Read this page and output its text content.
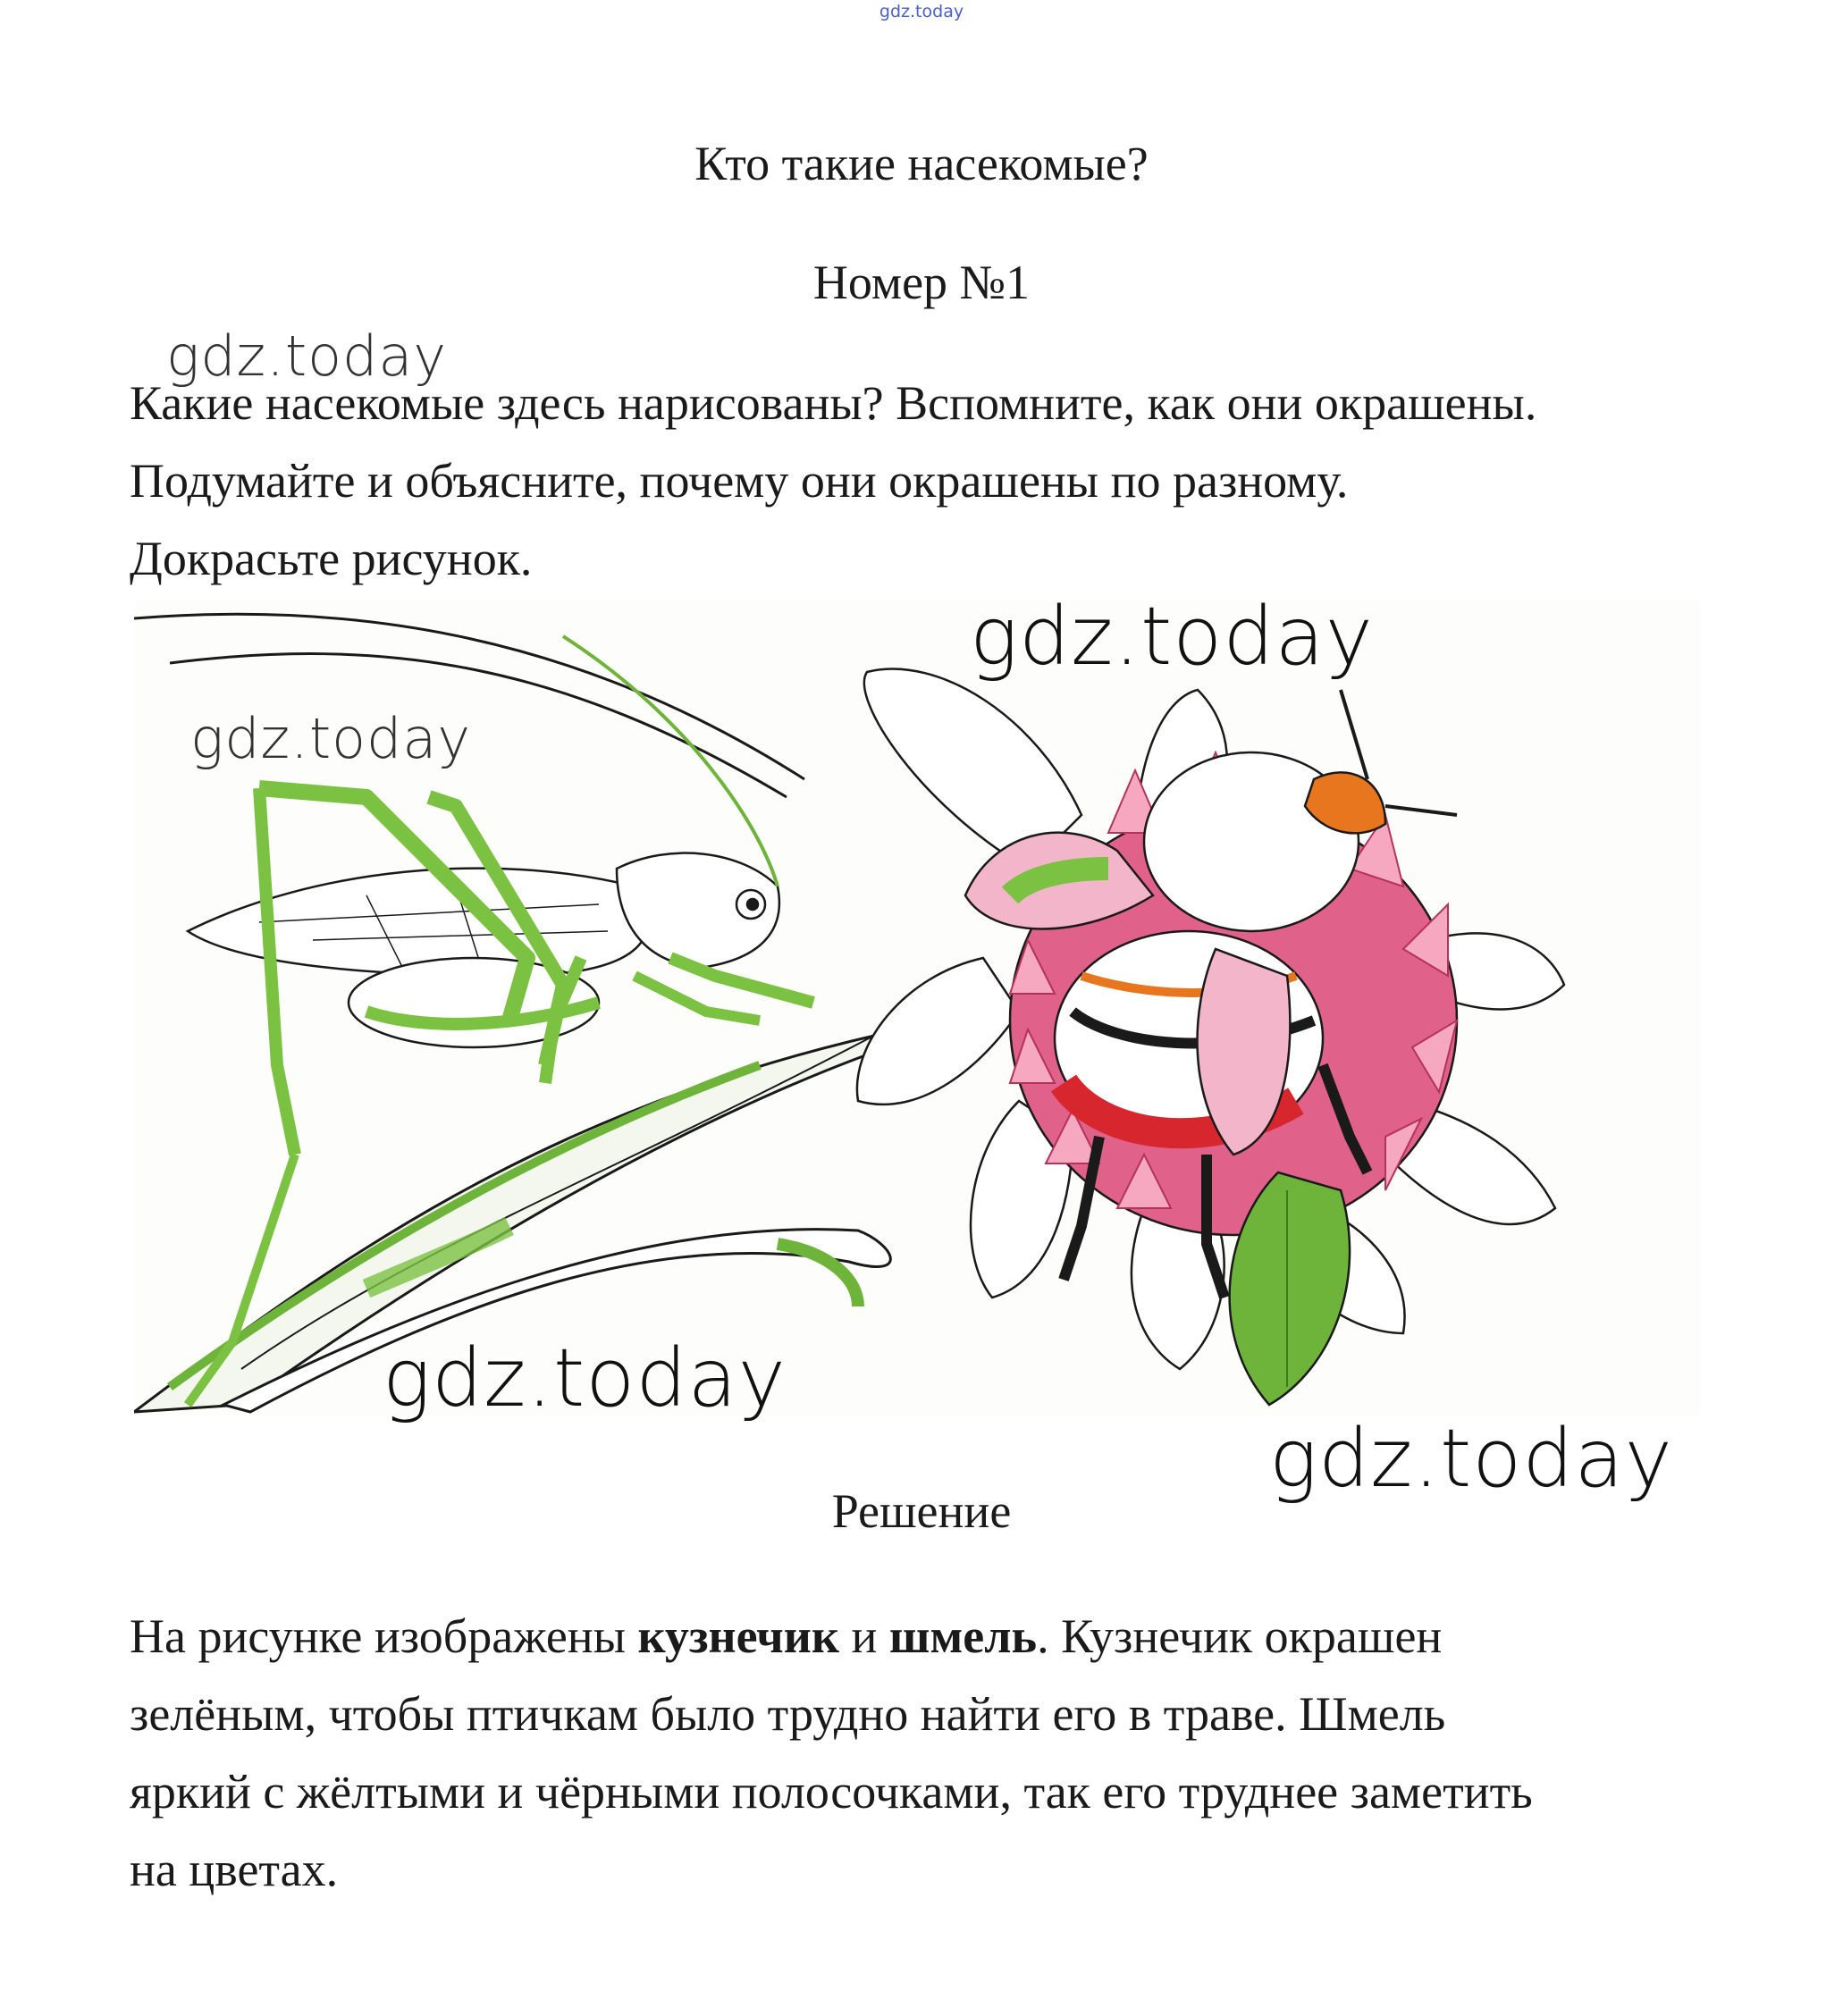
gdz.today
Кто такие насекомые?
Номер №1

Какие насекомые здесь нарисованы? Вспомните, как они окрашены.
Подумайте и объясните, почему они окрашены по разному.
Докрасьте рисунок.

Решение

На рисунке изображены кузнечик и шмель. Кузнечик окрашен
зелёным, чтобы птичкам было трудно найти его в траве. Шмель
яркий с жёлтыми и чёрными полосочками, так его труднее заметить
на цветах.

gdz.today
gdz.today
gdz.today
gdz.today
gdz.today
